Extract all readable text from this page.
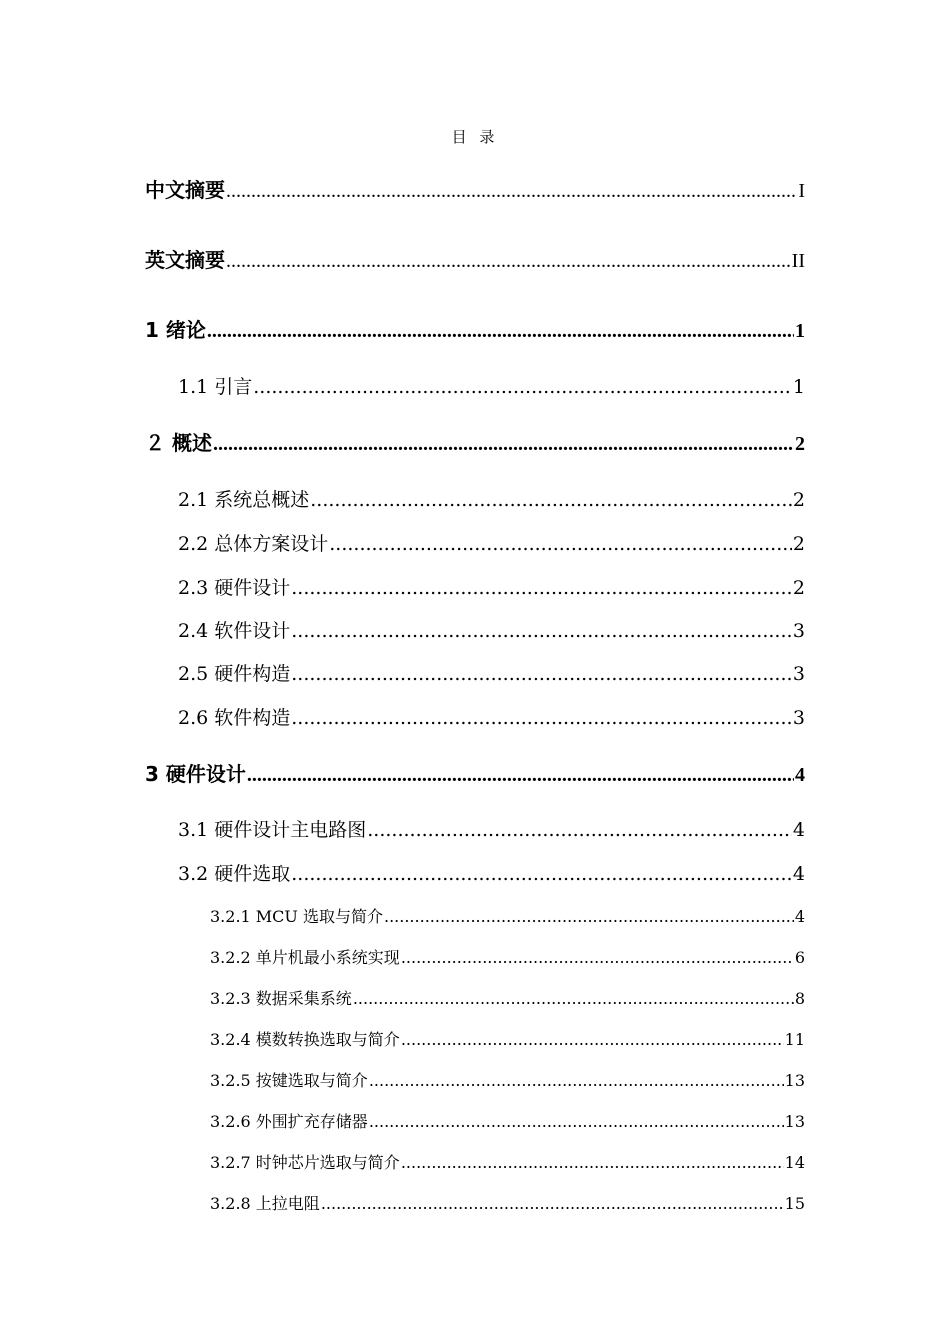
目 录
中文摘要 .....	I
英文摘要 .....	II
1 绪论 .....	1
1.1 引言 .....	1
２ 概述 .....	2
2.1 系统总概述 .....	2
2.2 总体方案设计 .....	2
2.3 硬件设计 .....	2
2.4 软件设计 .....	3
2.5 硬件构造 .....	3
2.6 软件构造 .....	3
3 硬件设计 .....	4
3.1 硬件设计主电路图 .....	4
3.2 硬件选取 .....	4
3.2.1 MCU 选取与简介 .....	4
3.2.2 单片机最小系统实现 .....	6
3.2.3 数据采集系统 .....	8
3.2.4 模数转换选取与简介 .....	11
3.2.5 按键选取与简介 .....	13
3.2.6 外围扩充存储器 .....	13
3.2.7 时钟芯片选取与简介 .....	14
3.2.8 上拉电阻 .....	15
